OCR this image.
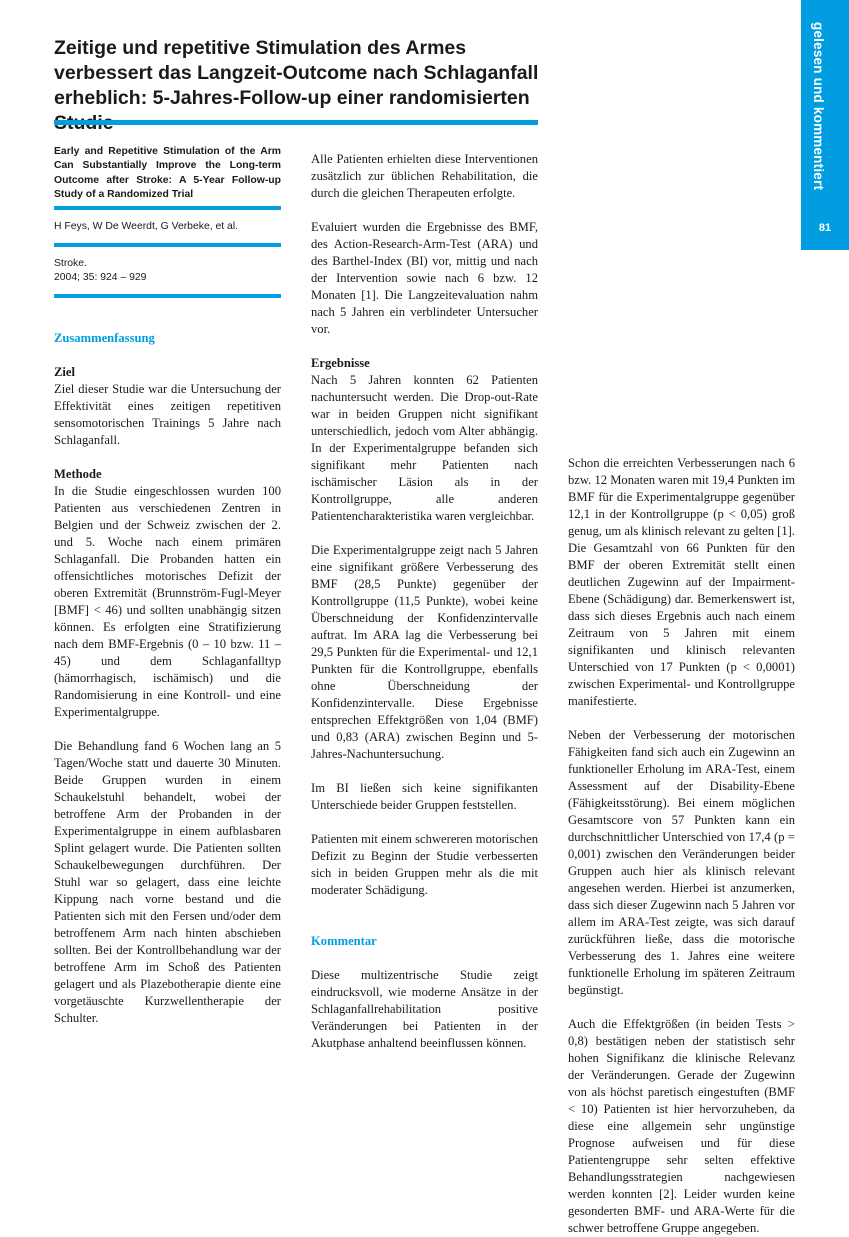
gelesen und kommentiert
81
Zeitige und repetitive Stimulation des Armes verbessert das Langzeit-Outcome nach Schlaganfall erheblich: 5-Jahres-Follow-up einer randomisierten
Early and Repetitive Stimulation of the Arm Can Substantially Improve the Long-term Outcome after Stroke: A 5-Year Follow-up Study of a Randomized Trial
H Feys, W De Weerdt, G Verbeke, et al.
Stroke.
2004; 35: 924 – 929
Zusammenfassung
Ziel

Ziel dieser Studie war die Untersuchung der Effektivität eines zeitigen repetitiven sensomotorischen Trainings 5 Jahre nach Schlaganfall.

Methode

In die Studie eingeschlossen wurden 100 Patienten aus verschiedenen Zentren in Belgien und der Schweiz zwischen der 2. und 5. Woche nach einem primären Schlaganfall. Die Probanden hatten ein offensichtliches motorisches Defizit der oberen Extremität (Brunnström-Fugl-Meyer [BMF] < 46) und sollten unabhängig sitzen können. Es erfolgten eine Stratifizierung nach dem BMF-Ergebnis (0 – 10 bzw. 11 – 45) und dem Schlaganfalltyp (hämorrhagisch, ischämisch) und die Randomisierung in eine Kontroll- und eine Experimentalgruppe.

Die Behandlung fand 6 Wochen lang an 5 Tagen/Woche statt und dauerte 30 Minuten. Beide Gruppen wurden in einem Schaukelstuhl behandelt, wobei der betroffene Arm der Probanden in der Experimentalgruppe in einem aufblasbaren Splint gelagert wurde. Die Patienten sollten Schaukelbewegungen durchführen. Der Stuhl war so gelagert, dass eine leichte Kippung nach vorne bestand und die Patienten sich mit den Fersen und/oder dem betroffenem Arm nach hinten abschieben sollten. Bei der Kontrollbehandlung war der betroffene Arm im Schoß des Patienten gelagert und als Plazebotherapie diente eine vorgetäuschte Kurzwellentherapie der Schulter.

Alle Patienten erhielten diese Interventionen zusätzlich zur üblichen Rehabilitation, die durch die gleichen Therapeuten erfolgte.

Evaluiert wurden die Ergebnisse des BMF, des Action-Research-Arm-Test (ARA) und des Barthel-Index (BI) vor, mittig und nach der Intervention sowie nach 6 bzw. 12 Monaten [1]. Die Langzeitevaluation nahm nach 5 Jahren ein verblindeter Untersucher vor.

Ergebnisse

Nach 5 Jahren konnten 62 Patienten nachuntersucht werden. Die Drop-out-Rate war in beiden Gruppen nicht signifikant unterschiedlich, jedoch vom Alter abhängig. In der Experimentalgruppe befanden sich signifikant mehr Patienten nach ischämischer Läsion als in der Kontrollgruppe, alle anderen Patientencharakteristika waren vergleichbar.

Die Experimentalgruppe zeigt nach 5 Jahren eine signifikant größere Verbesserung des BMF (28,5 Punkte) gegenüber der Kontrollgruppe (11,5 Punkte), wobei keine Überschneidung der Konfidenzintervalle auftrat. Im ARA lag die Verbesserung bei 29,5 Punkten für die Experimental- und 12,1 Punkten für die Kontrollgruppe, ebenfalls ohne Überschneidung der Konfidenzintervalle. Diese Ergebnisse entsprechen Effektgrößen von 1,04 (BMF) und 0,83 (ARA) zwischen Beginn und 5-Jahres-Nachuntersuchung.

Im BI ließen sich keine signifikanten Unterschiede beider Gruppen feststellen.

Patienten mit einem schwereren motorischen Defizit zu Beginn der Studie verbesserten sich in beiden Gruppen mehr als die mit moderater Schädigung.

Kommentar

Diese multizentrische Studie zeigt eindrucksvoll, wie moderne Ansätze in der Schlaganfallrehabilitation positive Veränderungen bei Patienten in der Akutphase anhaltend beeinflussen können.

Schon die erreichten Verbesserungen nach 6 bzw. 12 Monaten waren mit 19,4 Punkten im BMF für die Experimentalgruppe gegenüber 12,1 in der Kontrollgruppe (p < 0,05) groß genug, um als klinisch relevant zu gelten [1]. Die Gesamtzahl von 66 Punkten für den BMF der oberen Extremität stellt einen deutlichen Zugewinn auf der Impairment-Ebene (Schädigung) dar. Bemerkenswert ist, dass sich dieses Ergebnis auch nach einem Zeitraum von 5 Jahren mit einem signifikanten und klinisch relevanten Unterschied von 17 Punkten (p < 0,0001) zwischen Experimental- und Kontrollgruppe manifestierte.

Neben der Verbesserung der motorischen Fähigkeiten fand sich auch ein Zugewinn an funktioneller Erholung im ARA-Test, einem Assessment auf der Disability-Ebene (Fähigkeitsstörung). Bei einem möglichen Gesamtscore von 57 Punkten kann ein durchschnittlicher Unterschied von 17,4 (p = 0,001) zwischen den Veränderungen beider Gruppen auch hier als klinisch relevant angesehen werden. Hierbei ist anzumerken, dass sich dieser Zugewinn nach 5 Jahren vor allem im ARA-Test zeigte, was sich darauf zurückführen ließe, dass die motorische Verbesserung des 1. Jahres eine weitere funktionelle Erholung im späteren Zeitraum begünstigt.

Auch die Effektgrößen (in beiden Tests > 0,8) bestätigen neben der statistisch sehr hohen Signifikanz die klinische Relevanz der Veränderungen. Gerade der Zugewinn von als höchst paretisch eingestuften (BMF < 10) Patienten ist hier hervorzuheben, da diese eine allgemein sehr ungünstige Prognose aufweisen und für diese Patientengruppe sehr selten effektive Behandlungsstrategien nachgewiesen werden konnten [2]. Leider wurden keine gesonderten BMF- und ARA-Werte für die schwer betroffene Gruppe angegeben.
